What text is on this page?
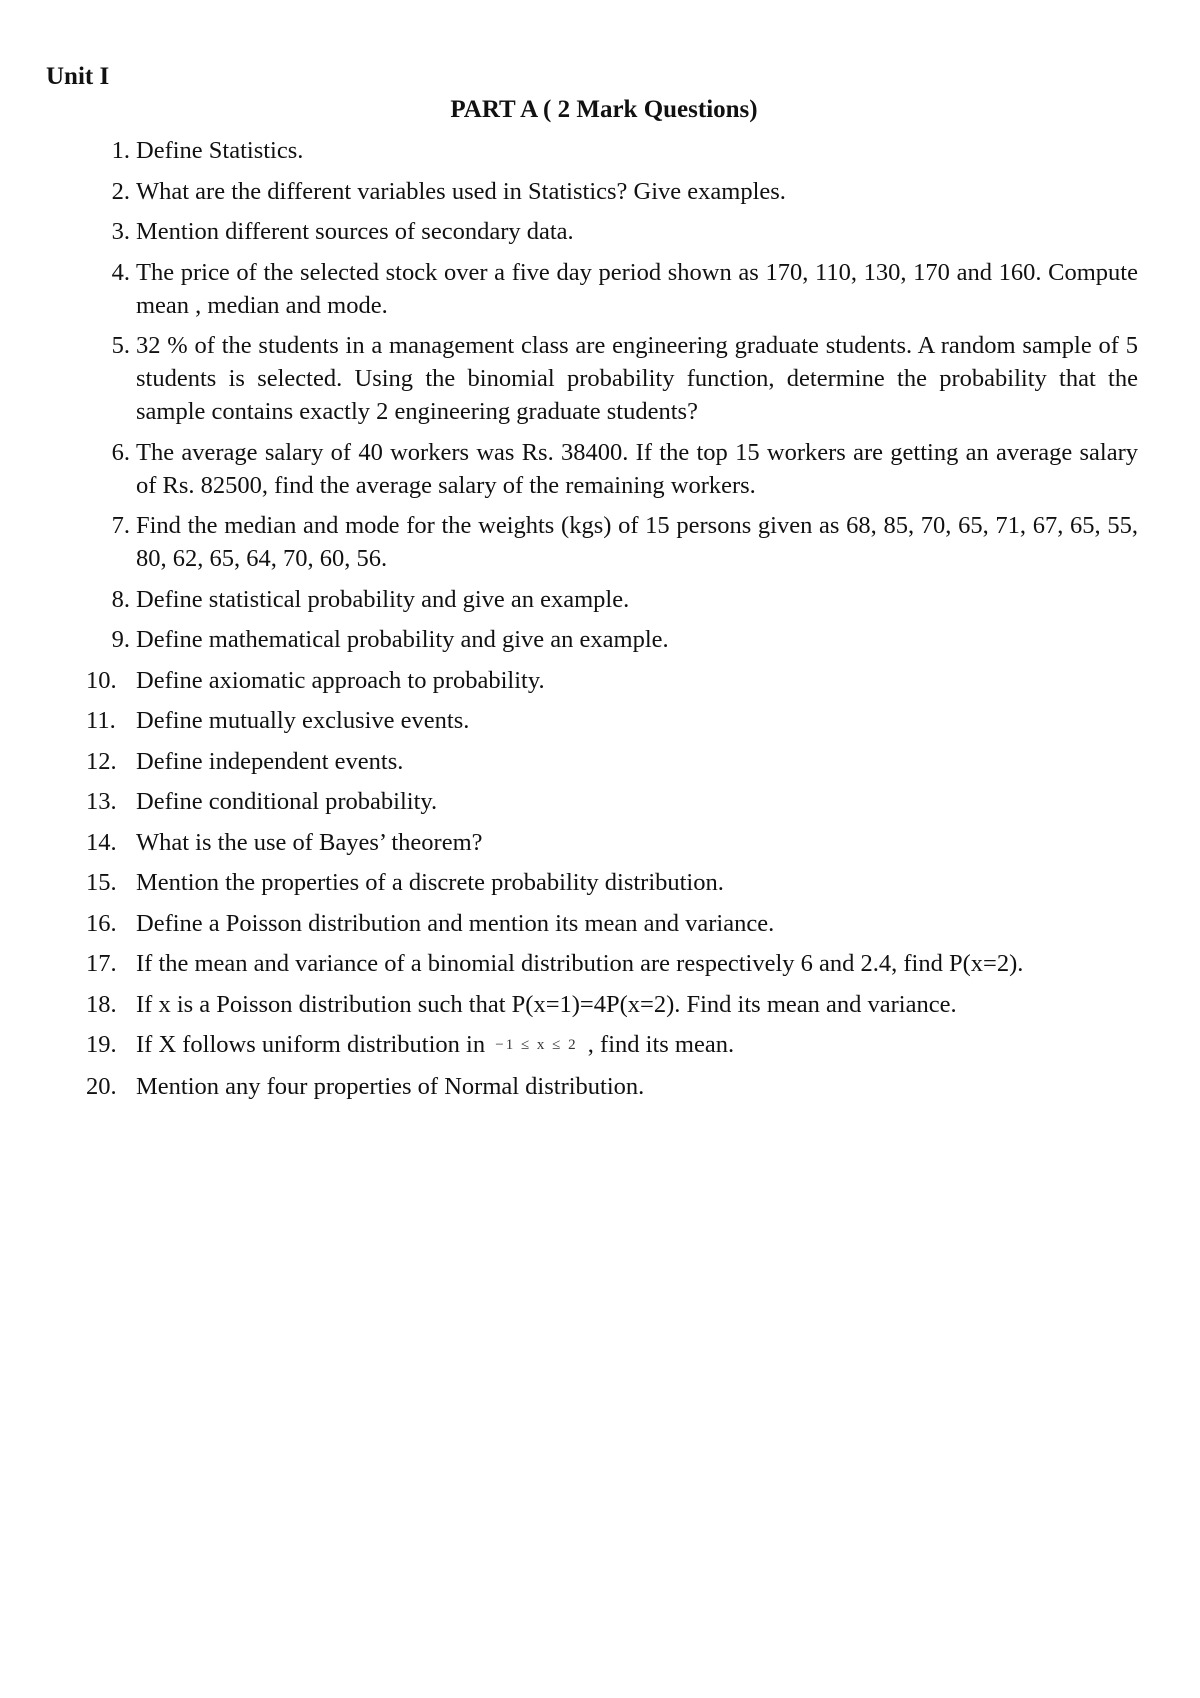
Unit I
PART A ( 2 Mark Questions)
1. Define Statistics.
2. What are the different variables used in Statistics? Give examples.
3. Mention different sources of secondary data.
4. The price of the selected stock over a five day period shown as 170, 110, 130, 170 and 160. Compute mean , median and mode.
5. 32 % of the students in a management class are engineering graduate students. A random sample of 5 students is selected. Using the binomial probability function, determine the probability that the sample contains exactly 2 engineering graduate students?
6. The average salary of 40 workers was Rs. 38400. If the top 15 workers are getting an average salary of Rs. 82500, find the average salary of the remaining workers.
7. Find the median and mode for the weights (kgs) of 15 persons given as 68, 85, 70, 65, 71, 67, 65, 55, 80, 62, 65, 64, 70, 60, 56.
8. Define statistical probability and give an example.
9. Define mathematical probability and give an example.
10. Define axiomatic approach to probability.
11. Define mutually exclusive events.
12. Define independent events.
13. Define conditional probability.
14. What is the use of Bayes’ theorem?
15. Mention the properties of a discrete probability distribution.
16. Define a Poisson distribution and mention its mean and variance.
17. If the mean and variance of a binomial distribution are respectively 6 and 2.4, find P(x=2).
18. If x is a Poisson distribution such that P(x=1)=4P(x=2). Find its mean and variance.
19. If X follows uniform distribution in −1 ≤ x ≤ 2 , find its mean.
20. Mention any four properties of Normal distribution.
